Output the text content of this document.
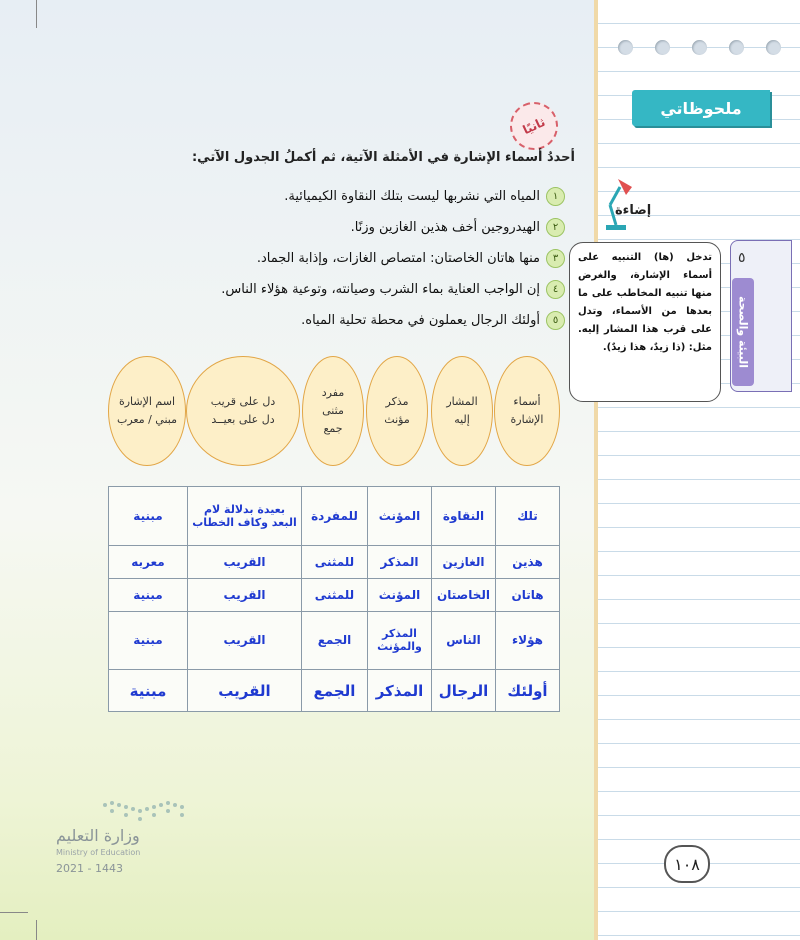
ملحوظاتي
٥
البيئة والصحة
إضاءة
تدخل (ها) التنبيه على أسماء الإشارة، والغرض منها تنبيه المخاطب على ما بعدها من الأسماء، وتدل على قرب هذا المشار إليه. مثل: (ذا زيدٌ، هذا زيدٌ).
ثانيًا
أحددُ أسماء الإشارة في الأمثلة الآتية، ثم أكملُ الجدول الآتي:
١
المياه التي نشربها ليست بتلك النقاوة الكيميائية.
٢
الهيدروجين أخف هذين الغازين وزنًا.
٣
منها هاتان الخاصتان: امتصاص الغازات، وإذابة الجماد.
٤
إن الواجب العناية بماء الشرب وصيانته، وتوعية هؤلاء الناس.
٥
أولئك الرجال يعملون في محطة تحلية المياه.
أسماء
الإشارة
المشار
إليه
مذكر
مؤنث
مفرد
مثنى
جمع
دل على قريب
دل على بعيــد
اسم الإشارة
مبني / معرب
تلك	النقاوة	المؤنث	للمفردة	بعيدة بدلالة لام البعد وكاف الخطاب	مبنية
هذين	الغازين	المذكر	للمثنى	القريب	معربه
هاتان	الخاصتان	المؤنث	للمثنى	القريب	مبنية
هؤلاء	الناس	المذكر والمؤنث	الجمع	القريب	مبنية
أولئك	الرجال	المذكر	الجمع	القريب	مبنية
وزارة التعليم
Ministry of Education
2021 - 1443	١٠٨
